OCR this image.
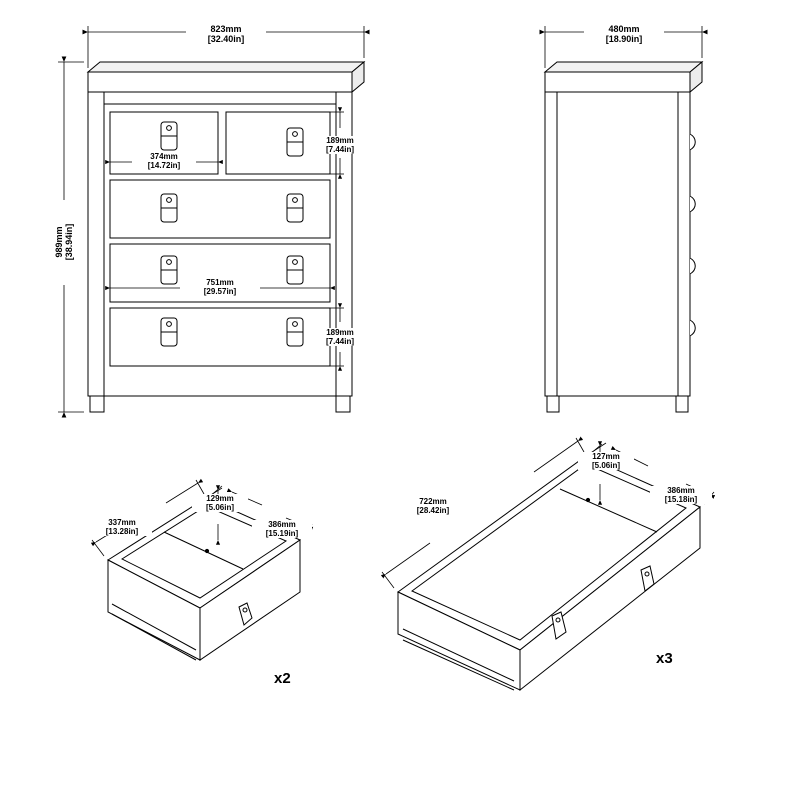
823mm
[32.40in]
989mm [38.94in]
374mm
[14.72in]
189mm
[7.44in]
751mm
[29.57in]
189mm
[7.44in]
480mm
[18.90in]
337mm
[13.28in]
129mm
[5.06in]
386mm
[15.19in]
x2
722mm
[28.42in]
127mm
[5.06in]
386mm
[15.18in]
x3
